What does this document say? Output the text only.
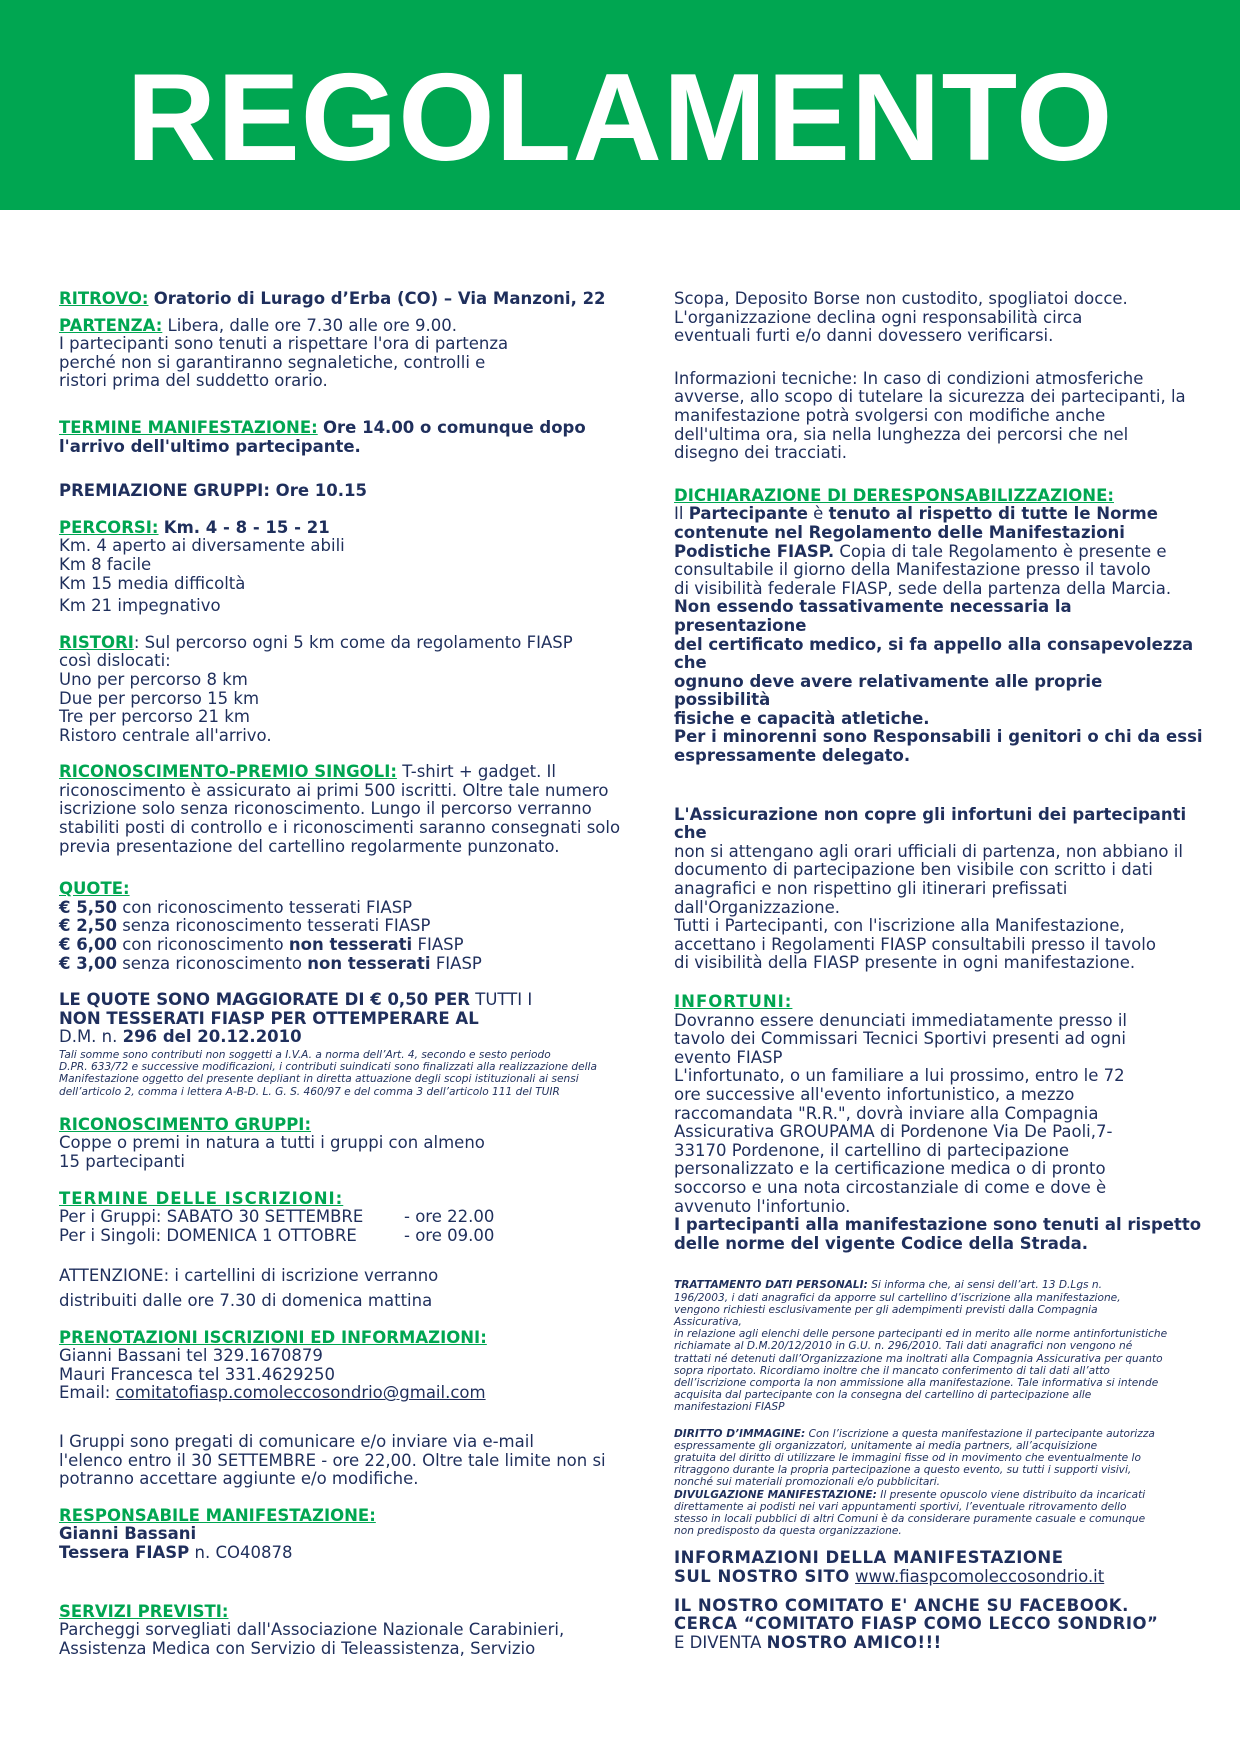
REGOLAMENTO

RITROVO: Oratorio di Lurago d’Erba (CO) – Via Manzoni, 22

PARTENZA: Libera, dalle ore 7.30 alle ore 9.00.

I partecipanti sono tenuti a rispettare l'ora di partenza

perché non si garantiranno segnaletiche, controlli e

ristori prima del suddetto orario.

TERMINE MANIFESTAZIONE: Ore 14.00 o comunque dopo

l'arrivo dell'ultimo partecipante.

PREMIAZIONE GRUPPI: Ore 10.15

PERCORSI: Km. 4 - 8 - 15 - 21

Km. 4 aperto ai diversamente abili

Km 8 facile

Km 15 media difficoltà

Km 21 impegnativo

RISTORI: Sul percorso ogni 5 km come da regolamento FIASP

così dislocati:

Uno per percorso 8 km

Due per percorso 15 km

Tre per percorso 21 km

Ristoro centrale all'arrivo.

RICONOSCIMENTO-PREMIO SINGOLI: T-shirt + gadget. Il

riconoscimento è assicurato ai primi 500 iscritti. Oltre tale numero

iscrizione solo senza riconoscimento. Lungo il percorso verranno

stabiliti posti di controllo e i riconoscimenti saranno consegnati solo

previa presentazione del cartellino regolarmente punzonato.

QUOTE:

€ 5,50 con riconoscimento tesserati FIASP

€ 2,50 senza riconoscimento tesserati FIASP

€ 6,00 con riconoscimento non tesserati FIASP

€ 3,00 senza riconoscimento non tesserati FIASP

LE QUOTE SONO MAGGIORATE DI € 0,50 PER TUTTI I

NON TESSERATI FIASP PER OTTEMPERARE AL

D.M. n. 296 del 20.12.2010

Tali somme sono contributi non soggetti a I.V.A. a norma dell’Art. 4, secondo e sesto periodo

D.PR. 633/72 e successive modificazioni, i contributi suindicati sono finalizzati alla realizzazione della

Manifestazione oggetto del presente depliant in diretta attuazione degli scopi istituzionali ai sensi

dell’articolo 2, comma i lettera A-B-D. L. G. S. 460/97 e del comma 3 dell’articolo 111 del TUIR

RICONOSCIMENTO GRUPPI:

Coppe o premi in natura a tutti i gruppi con almeno

15 partecipanti

TERMINE DELLE ISCRIZIONI:

Per i Gruppi: SABATO 30 SETTEMBRE - ore 22.00

Per i Singoli: DOMENICA 1 OTTOBRE	- ore 09.00

ATTENZIONE: i cartellini di iscrizione verranno

distribuiti dalle ore 7.30 di domenica mattina

PRENOTAZIONI ISCRIZIONI ED INFORMAZIONI:

Gianni Bassani tel 329.1670879

Mauri Francesca tel 331.4629250

Email: comitatofiasp.comoleccosondrio@gmail.com

I Gruppi sono pregati di comunicare e/o inviare via e-mail

l'elenco entro il 30 SETTEMBRE - ore 22,00. Oltre tale limite non si

potranno accettare aggiunte e/o modifiche.

RESPONSABILE MANIFESTAZIONE:

Gianni Bassani

Tessera FIASP n. CO40878

SERVIZI PREVISTI:

Parcheggi sorvegliati dall'Associazione Nazionale Carabinieri,

Assistenza Medica con Servizio di Teleassistenza, Servizio

Scopa, Deposito Borse non custodito, spogliatoi docce.

L'organizzazione declina ogni responsabilità circa

eventuali furti e/o danni dovessero verificarsi.

Informazioni tecniche: In caso di condizioni atmosferiche

avverse, allo scopo di tutelare la sicurezza dei partecipanti, la

manifestazione potrà svolgersi con modifiche anche

dell'ultima ora, sia nella lunghezza dei percorsi che nel

disegno dei tracciati.

DICHIARAZIONE DI DERESPONSABILIZZAZIONE:

Il Partecipante è tenuto al rispetto di tutte le Norme

contenute nel Regolamento delle Manifestazioni

Podistiche FIASP. Copia di tale Regolamento è presente e

consultabile il giorno della Manifestazione presso il tavolo

di visibilità federale FIASP, sede della partenza della Marcia.

Non essendo tassativamente necessaria la presentazione

del certificato medico, si fa appello alla consapevolezza che

ognuno deve avere relativamente alle proprie possibilità

fisiche e capacità atletiche.

Per i minorenni sono Responsabili i genitori o chi da essi

espressamente delegato.

L'Assicurazione non copre gli infortuni dei partecipanti che

non si attengano agli orari ufficiali di partenza, non abbiano il

documento di partecipazione ben visibile con scritto i dati

anagrafici e non rispettino gli itinerari prefissati

dall'Organizzazione.

Tutti i Partecipanti, con l'iscrizione alla Manifestazione,

accettano i Regolamenti FIASP consultabili presso il tavolo

di visibilità della FIASP presente in ogni manifestazione.

INFORTUNI:

Dovranno essere denunciati immediatamente presso il

tavolo dei Commissari Tecnici Sportivi presenti ad ogni

evento FIASP

L'infortunato, o un familiare a lui prossimo, entro le 72

ore successive all'evento infortunistico, a mezzo

raccomandata "R.R.", dovrà inviare alla Compagnia

Assicurativa GROUPAMA di Pordenone Via De Paoli,7-

33170 Pordenone, il cartellino di partecipazione

personalizzato e la certificazione medica o di pronto

soccorso e una nota circostanziale di come e dove è

avvenuto l'infortunio.

I partecipanti alla manifestazione sono tenuti al rispetto

delle norme del vigente Codice della Strada.

TRATTAMENTO DATI PERSONALI: Si informa che, ai sensi dell’art. 13 D.Lgs n.

196/2003, i dati anagrafici da apporre sul cartellino d’iscrizione alla manifestazione,

vengono richiesti esclusivamente per gli adempimenti previsti dalla Compagnia

Assicurativa,

in relazione agli elenchi delle persone partecipanti ed in merito alle norme antinfortunistiche

richiamate al D.M.20/12/2010 in G.U. n. 296/2010. Tali dati anagrafici non vengono né

trattati né detenuti dall’Organizzazione ma inoltrati alla Compagnia Assicurativa per quanto

sopra riportato. Ricordiamo inoltre che il mancato conferimento di tali dati all’atto

dell’iscrizione comporta la non ammissione alla manifestazione. Tale informativa si intende

acquisita dal partecipante con la consegna del cartellino di partecipazione alle

manifestazioni FIASP

DIRITTO D’IMMAGINE: Con l’iscrizione a questa manifestazione il partecipante autorizza

espressamente gli organizzatori, unitamente ai media partners, all’acquisizione

gratuita del diritto di utilizzare le immagini fisse od in movimento che eventualmente lo

ritraggono durante la propria partecipazione a questo evento, su tutti i supporti visivi,

nonché sui materiali promozionali e/o pubblicitari.

DIVULGAZIONE MANIFESTAZIONE: Il presente opuscolo viene distribuito da incaricati

direttamente ai podisti nei vari appuntamenti sportivi, l’eventuale ritrovamento dello

stesso in locali pubblici di altri Comuni è da considerare puramente casuale e comunque

non predisposto da questa organizzazione.

INFORMAZIONI DELLA MANIFESTAZIONE

SUL NOSTRO SITO www.fiaspcomoleccosondrio.it

IL NOSTRO COMITATO E' ANCHE SU FACEBOOK.

CERCA “COMITATO FIASP COMO LECCO SONDRIO”

E DIVENTA NOSTRO AMICO!!!
